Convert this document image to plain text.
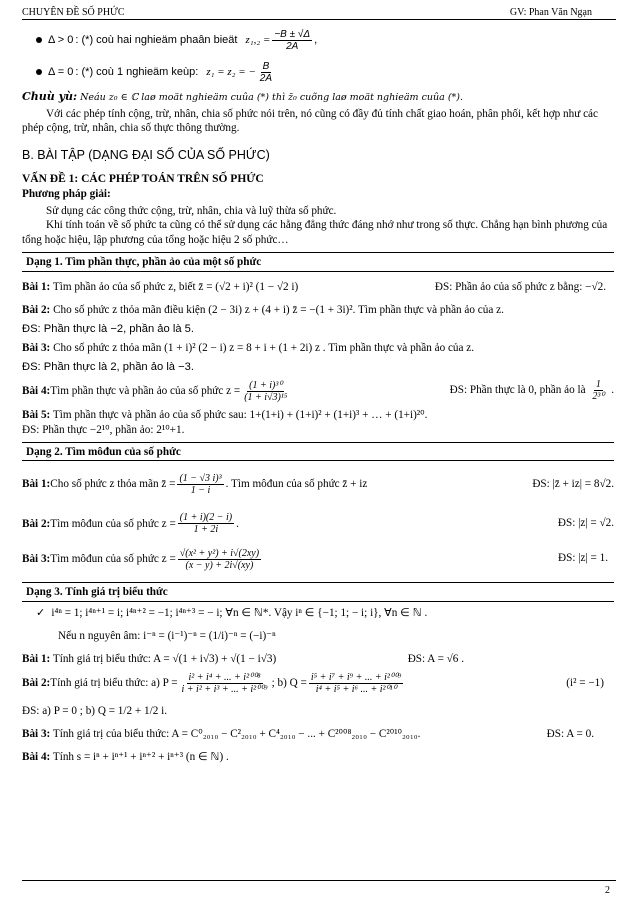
CHUYÊN ĐỀ SỐ PHỨC	GV: Phan Văn Ngạn
Δ > 0 : (*) coù hai nghieäm phaân bieät $z_1,_2 = \frac{-B \pm √\Delta}{2A}$ ,
Δ = 0 : (*) coù 1 nghieäm keùp: z₁ = z₂ = − $\frac{B}{2A}$
Chuù yù: Neáu z₀ ∈ ℂ laø moät nghieäm cuûa (*) thì z̄₀ cuõng laø moät nghieäm cuûa (*).

Với các phép tính cộng, trừ, nhân, chia số phức nói trên, nó cũng có đầy đủ tính chất giao hoán, phân phối, kết hợp như các phép cộng, trừ, nhân, chia số thực thông thường.

B. BÀI TẬP (DẠNG ĐẠI SỐ CỦA SỐ PHỨC)
VẤN ĐỀ 1: CÁC PHÉP TOÁN TRÊN SỐ PHỨC
Phương pháp giải:

Sử dụng các công thức cộng, trừ, nhân, chia và luỹ thừa số phức.

Khi tính toán về số phức ta cũng có thể sử dụng các hằng đẳng thức đáng nhớ như trong số thực. Chẳng hạn bình phương của tổng hoặc hiệu, lập phương của tổng hoặc hiệu 2 số phức…

Dạng 1. Tìm phần thực, phần ảo của một số phức
Bài 1: Tìm phần ảo của số phức z, biết z̄ = (√2 + i)² (1 − √2 i)	ĐS: Phần ảo của số phức z bằng: −√2.
Bài 2: Cho số phức z thỏa mãn điều kiện (2 − 3i) z + (4 + i) z̄ = −(1 + 3i)². Tìm phần thực và phần ảo của z.
ĐS: Phần thực là −2, phần ảo là 5.
Bài 3: Cho số phức z thỏa mãn (1 + i)² (2 − i) z = 8 + i + (1 + 2i) z . Tìm phần thực và phần ảo của z.
ĐS: Phần thực là 2, phần ảo là −3.
Bài 4: Tìm phần thực và phần ảo của số phức $z = \frac{\text{(1 + i)³⁰}}{\text{(1 + i√3)¹⁵}}$	ĐS: Phần thực là 0, phần ảo là $\frac{1}{\text{2³⁰}}$ .
Bài 5: Tìm phần thực và phần ảo của số phức sau: 1+(1+i) + (1+i)² + (1+i)³ + … + (1+i)²⁰.
ĐS: Phần thực −2¹⁰, phần ảo: 2¹⁰+1.
Dạng 2. Tìm môđun của số phức
Bài 1: Cho số phức z thỏa mãn z̄ = $\frac{\text{(1 − √3 i)³}}{1 - i}$ . Tìm môđun của số phức z̄ + iz	ĐS: |z̄ + iz| = 8√2.
Bài 2: Tìm môđun của số phức $z = \frac{(1 + i)(2 - i)}{1 + 2i}$ .	ĐS: |z| = √2.
Bài 3: Tìm môđun của số phức $z = \frac{\text{√(x² + y²) + i√(2xy)}}{(x - y) + 2i√(xy)}$	ĐS: |z| = 1.
Dạng 3. Tính giá trị biểu thức
✓ i⁴ⁿ = 1; i⁴ⁿ⁺¹ = i; i⁴ⁿ⁺² = −1; i⁴ⁿ⁺³ = − i; ∀n ∈ ℕ*. Vậy iⁿ ∈ {−1; 1; − i; i}, ∀n ∈ ℕ .
Nếu n nguyên âm: i⁻ⁿ = (i⁻¹)⁻ⁿ = (1/i)⁻ⁿ = (−i)⁻ⁿ
Bài 1: Tính giá trị biểu thức: A = √(1 + i√3) + √(1 − i√3)	ĐS: A = √6 .
Bài 2: Tính giá trị biểu thức: a) $P = \frac{\text{i² + i⁴ + ... + i²⁰⁰⁸}}{\text{i + i² + i³ + ... + i²⁰⁰⁹}}$ ; b) $Q = \frac{\text{i⁵ + i⁷ + i⁹ + ... + i²⁰⁰⁹}}{\text{i⁴ + i⁵ + i⁶ ... + i²⁰¹⁰}}$	(i² = −1)
ĐS: a) P = 0 ; b) Q = 1/2 + 1/2 i.
Bài 3: Tính giá trị của biểu thức: A = C⁰₂₀₁₀ − C²₂₀₁₀ + C⁴₂₀₁₀ − ... + C²⁰⁰⁸₂₀₁₀ − C²⁰¹⁰₂₀₁₀.	ĐS: A = 0.
Bài 4: Tính s = iⁿ + iⁿ⁺¹ + iⁿ⁺² + iⁿ⁺³ (n ∈ ℕ) .
2
